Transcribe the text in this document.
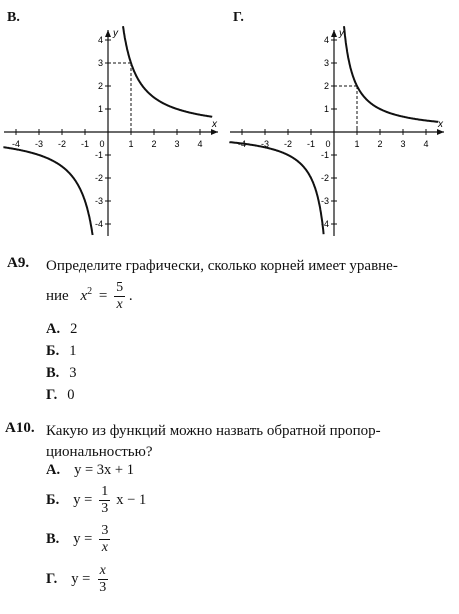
В.	Г.
x
y
-4 -3 -2 -1 0	1 2 3 4
4
3
2
1
-1
-2
-3
-4
x
y
-4 -3 -2 -1 0	1 2 3 4
4
3
2
1
-1
-2
-3
-4
А9. Определите графически, сколько корней имеет уравне-
ние $x^2 = \frac{5}{x}$ .
А. 2
Б. 1
В. 3
Г. 0
А10. Какую из функций можно назвать обратной пропор-
циональностью?
А. y = 3x + 1
Б. $y = \frac{1}{3}$ x − 1
В. $y = \frac{3}{x}$
Г. $y = \frac{x}{3}$
